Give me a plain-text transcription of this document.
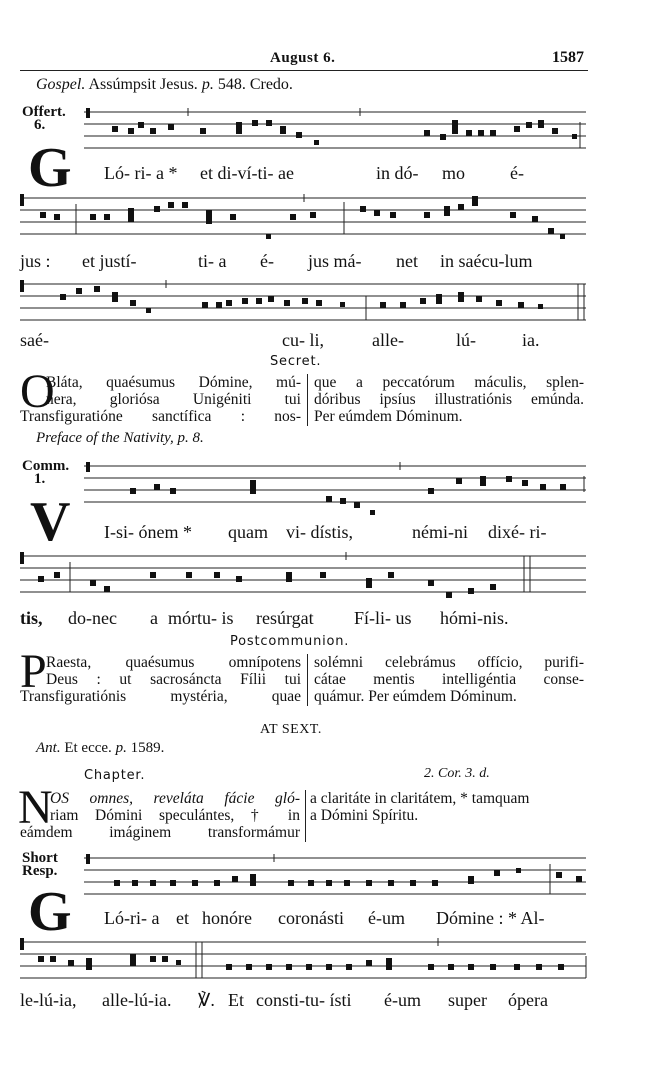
August 6.	1587
Gospel. Assúmpsit Jesus. p. 548. Credo.
Offert.
6.
G Ló- ri- a * et di-ví-ti- ae	in dó- mo é-
jus : et justí-	ti- a é- jus má- net in saécu-lum
saé-	cu- li,	alle-	lú-	ia.
Secret.
O
Bláta, quaésumus Dómine, mú-
nera, gloriósa Unigéniti tui
Transfiguratióne sanctífica : nos-
que a peccatórum máculis, splen-
dóribus ipsíus illustratiónis emúnda.
Per eúmdem Dóminum.
Preface of the Nativity, p. 8.
Comm.
1.
V I-si- ónem * quam vi- dístis,	némi-ni dixé- ri-
tis, do-nec a mórtu- is resúrgat Fí-li- us hómi-nis.
Postcommunion.
P Raesta, quaésumus omnípotens
Deus : ut sacrosáncta Fílii tui
Transfiguratiónis mystéria, quae
solémni celebrámus offício, purifi-
cátae mentis intelligéntia conse-
quámur. Per eúmdem Dóminum.
AT SEXT.
Ant. Et ecce. p. 1589.
Chapter.	2. Cor. 3. d.
N
OS omnes, reveláta fácie gló-
riam Dómini speculántes, † in
eámdem imáginem transformámur
a claritáte in claritátem, * tamquam
a Dómini Spíritu.
Short
Resp.
G Ló-ri- a et honóre coronásti é-um Dómine : * Al-
le-lú-ia, alle-lú-ia. ℣. Et consti-tu- ísti é-um super ópera
